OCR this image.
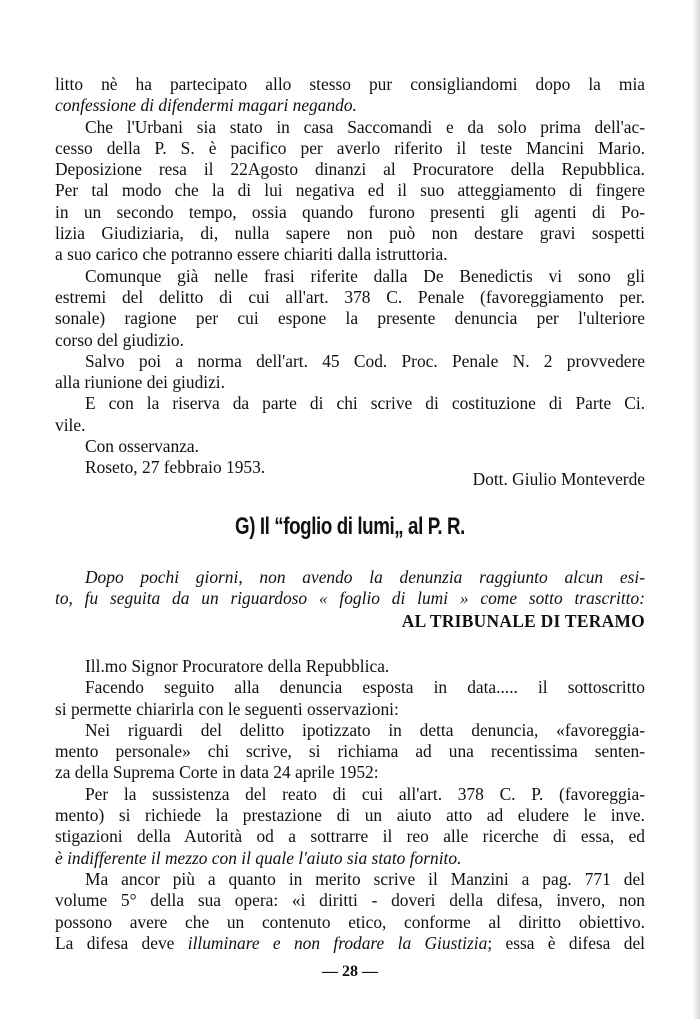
litto nè ha partecipato allo stesso pur consigliandomi dopo la mia
confessione di difendermi magari negando.
Che l'Urbani sia stato in casa Saccomandi e da solo prima dell'ac-
cesso della P. S. è pacifico per averlo riferito il teste Mancini Mario.
Deposizione resa il 22Agosto dinanzi al Procuratore della Repubblica.
Per tal modo che la di lui negativa ed il suo atteggiamento di fingere
in un secondo tempo, ossia quando furono presenti gli agenti di Po-
lizia Giudiziaria, di, nulla sapere non può non destare gravi sospetti
a suo carico che potranno essere chiariti dalla istruttoria.
Comunque già nelle frasi riferite dalla De Benedictis vi sono gli
estremi del delitto di cui all'art. 378 C. Penale (favoreggiamento per.
sonale) ragione per cui espone la presente denuncia per l'ulteriore
corso del giudizio.
Salvo poi a norma dell'art. 45 Cod. Proc. Penale N. 2 provvedere
alla riunione dei giudizi.
E con la riserva da parte di chi scrive di costituzione di Parte Ci.
vile.
Con osservanza.
Roseto, 27 febbraio 1953.
Dott. Giulio Monteverde
G) Il “foglio di lumi„ al P. R.
Dopo pochi giorni, non avendo la denunzia raggiunto alcun esi-
to, fu seguita da un riguardoso « foglio di lumi » come sotto trascritto:
AL TRIBUNALE DI TERAMO
Ill.mo Signor Procuratore della Repubblica.
Facendo seguito alla denuncia esposta in data..... il sottoscritto
si permette chiarirla con le seguenti osservazioni:
Nei riguardi del delitto ipotizzato in detta denuncia, «favoreggia-
mento personale» chi scrive, si richiama ad una recentissima senten-
za della Suprema Corte in data 24 aprile 1952:
Per la sussistenza del reato di cui all'art. 378 C. P. (favoreggia-
mento) si richiede la prestazione di un aiuto atto ad eludere le inve.
stigazioni della Autorità od a sottrarre il reo alle ricerche di essa, ed
è indifferente il mezzo con il quale l'aiuto sia stato fornito.
Ma ancor più a quanto in merito scrive il Manzini a pag. 771 del
volume 5° della sua opera: «i diritti - doveri della difesa, invero, non
possono avere che un contenuto etico, conforme al diritto obiettivo.
La difesa deve illuminare e non frodare la Giustizia; essa è difesa del
— 28 —
